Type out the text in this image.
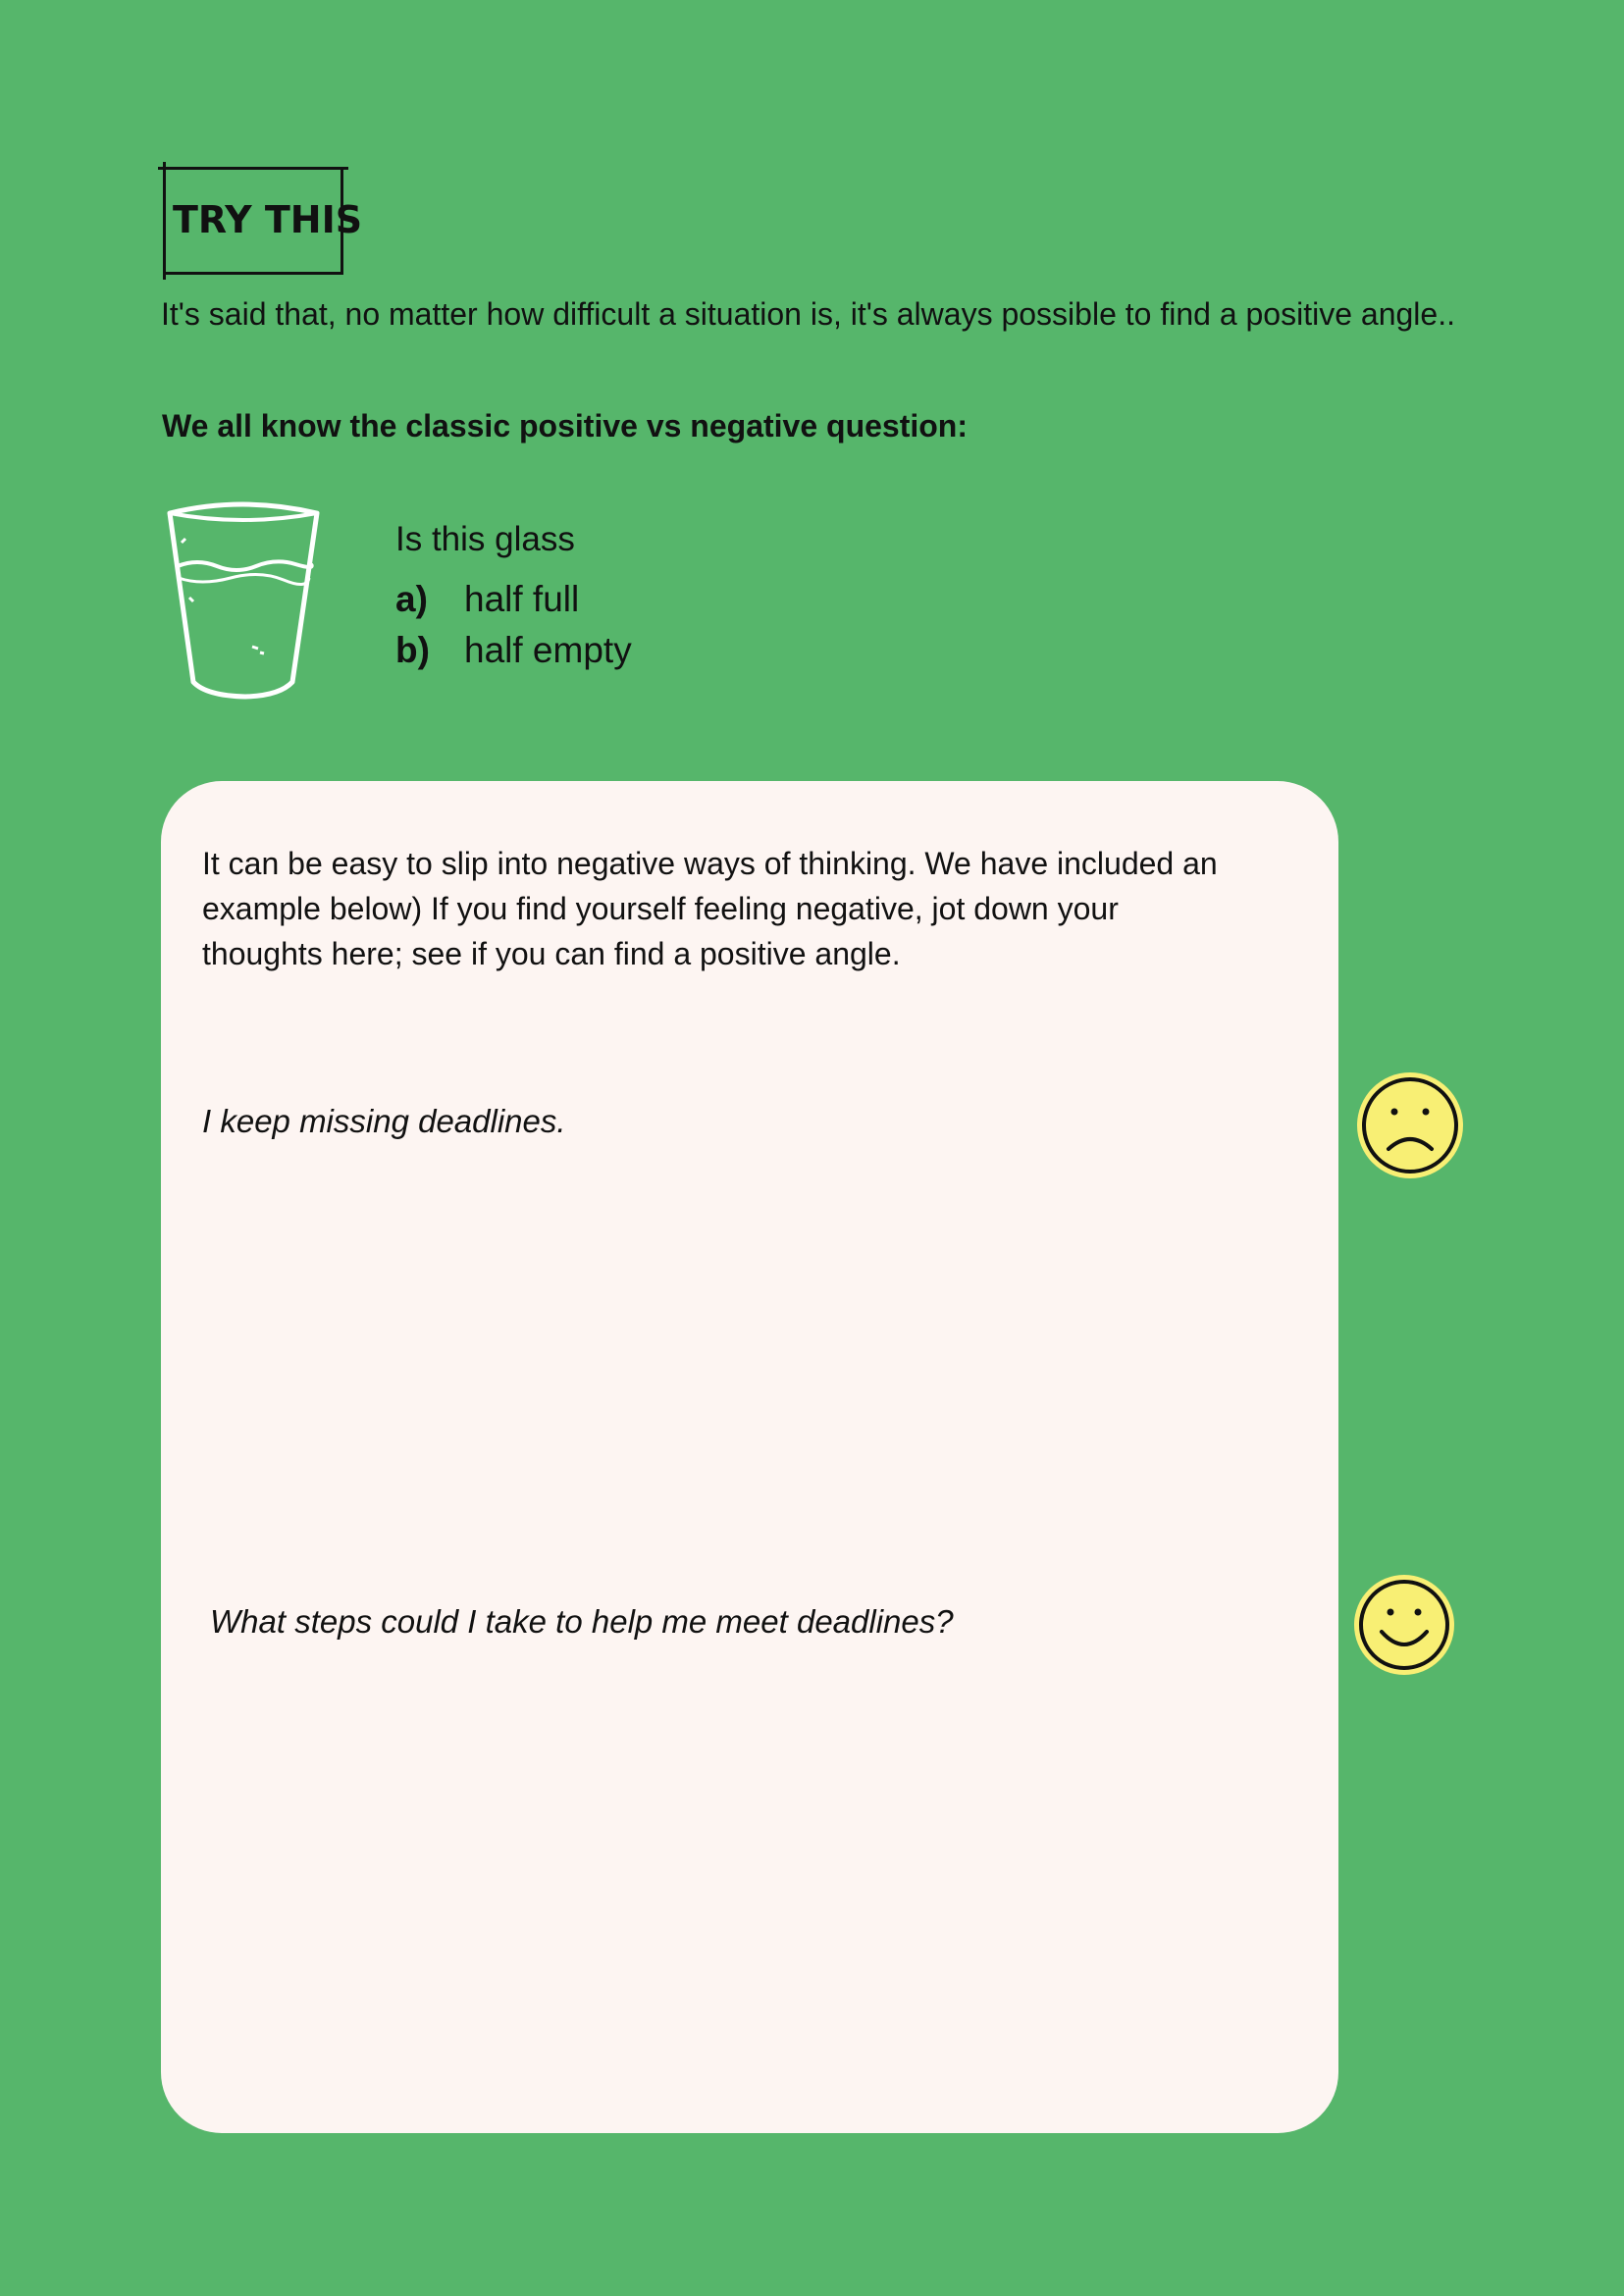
TRY THIS
It's said that, no matter how difficult a situation is, it's always possible to find a positive angle..
We all know the classic positive vs negative question:
Is this glass
a) half full
b) half empty
It can be easy to slip into negative ways of thinking. We have included an example below) If you find yourself feeling negative, jot down your thoughts here; see if you can find a positive angle.
I keep missing deadlines.
What steps could I take to help me meet deadlines?
